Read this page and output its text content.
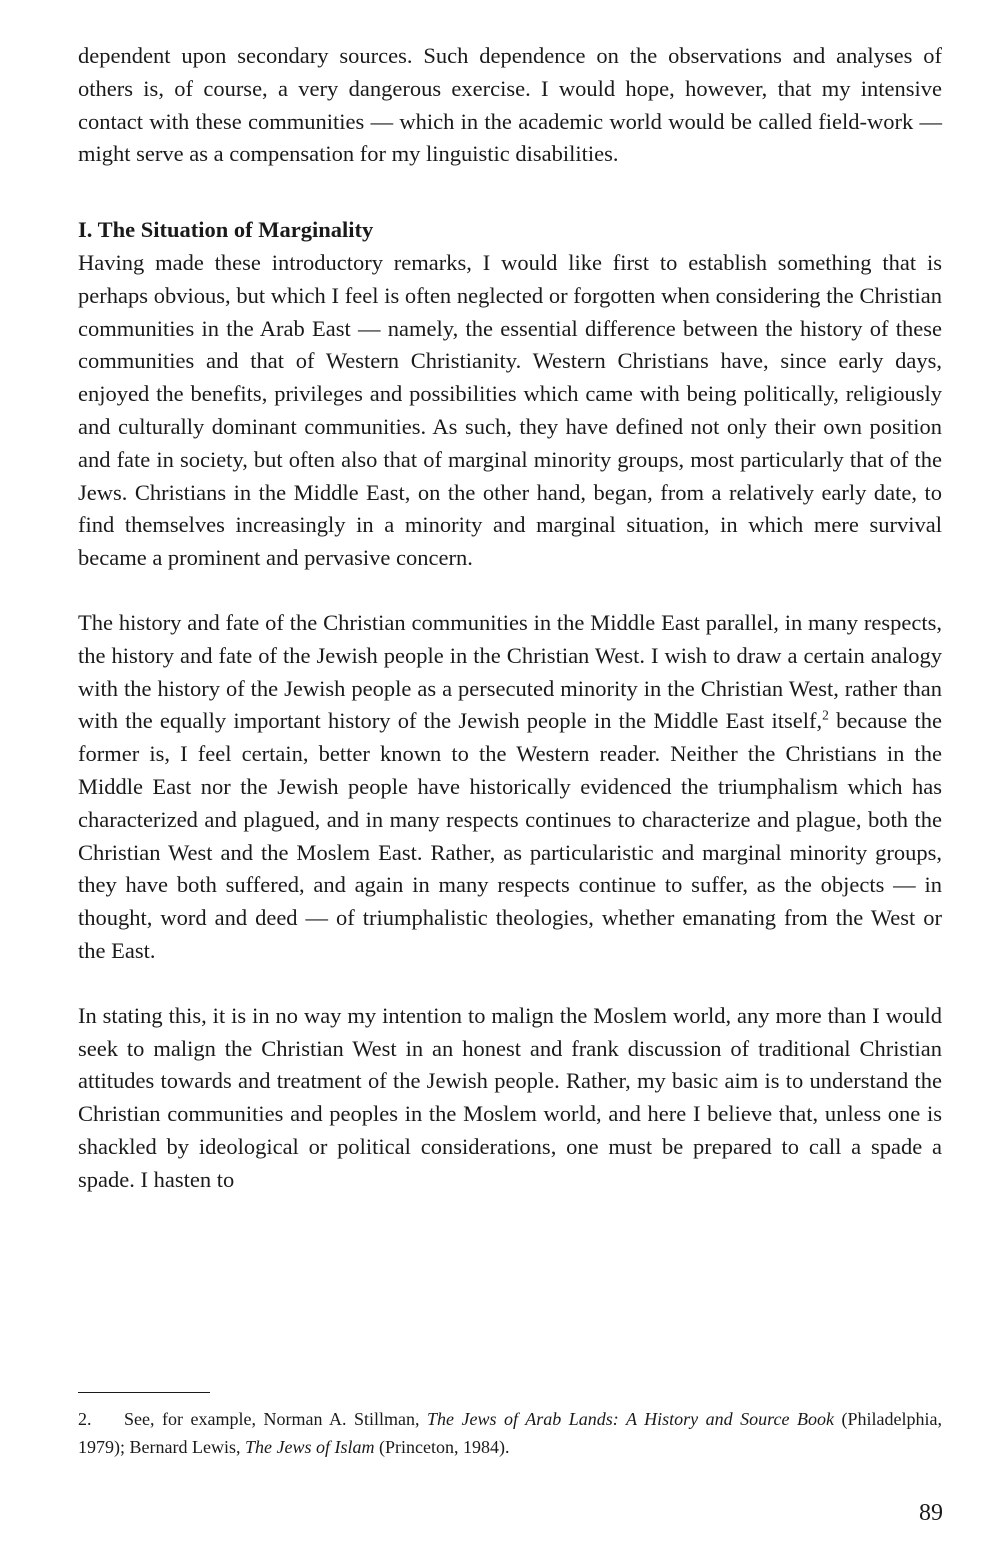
dependent upon secondary sources. Such dependence on the observations and analyses of others is, of course, a very dangerous exercise. I would hope, however, that my intensive contact with these communities — which in the academic world would be called field-work — might serve as a compensation for my linguistic disabilities.

I. The Situation of Marginality

Having made these introductory remarks, I would like first to establish something that is perhaps obvious, but which I feel is often neglected or forgotten when considering the Christian communities in the Arab East — namely, the essential difference between the history of these communities and that of Western Christianity. Western Christians have, since early days, enjoyed the benefits, privileges and possibilities which came with being politically, religiously and culturally dominant communities. As such, they have defined not only their own position and fate in society, but often also that of marginal minority groups, most particularly that of the Jews. Christians in the Middle East, on the other hand, began, from a relatively early date, to find themselves increasingly in a minority and marginal situation, in which mere survival became a prominent and pervasive concern.

The history and fate of the Christian communities in the Middle East parallel, in many respects, the history and fate of the Jewish people in the Christian West. I wish to draw a certain analogy with the history of the Jewish people as a persecuted minority in the Christian West, rather than with the equally important history of the Jewish people in the Middle East itself,$^2$ because the former is, I feel certain, better known to the Western reader. Neither the Christians in the Middle East nor the Jewish people have historically evidenced the triumphalism which has characterized and plagued, and in many respects continues to characterize and plague, both the Christian West and the Moslem East. Rather, as particularistic and marginal minority groups, they have both suffered, and again in many respects continue to suffer, as the objects — in thought, word and deed — of triumphalistic theologies, whether emanating from the West or the East.

In stating this, it is in no way my intention to malign the Moslem world, any more than I would seek to malign the Christian West in an honest and frank discussion of traditional Christian attitudes towards and treatment of the Jewish people. Rather, my basic aim is to understand the Christian communities and peoples in the Moslem world, and here I believe that, unless one is shackled by ideological or political considerations, one must be prepared to call a spade a spade. I hasten to

2. See, for example, Norman A. Stillman, The Jews of Arab Lands: A History and Source Book (Philadelphia, 1979); Bernard Lewis, The Jews of Islam (Princeton, 1984).

89
